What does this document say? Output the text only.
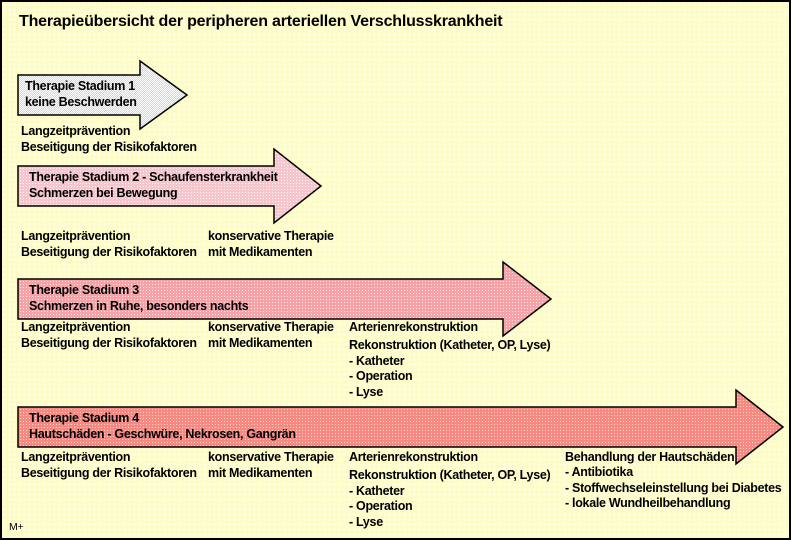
Therapieübersicht der peripheren arteriellen Verschlusskrankheit
Therapie Stadium 1
keine Beschwerden
Langzeitprävention
Beseitigung der Risikofaktoren
Therapie Stadium 2 - Schaufensterkrankheit
Schmerzen bei Bewegung
Langzeitprävention
Beseitigung der Risikofaktoren
konservative Therapie
mit Medikamenten
Therapie Stadium 3
Schmerzen in Ruhe, besonders nachts
Langzeitprävention
Beseitigung der Risikofaktoren
konservative Therapie
mit Medikamenten
Arterienrekonstruktion
Rekonstruktion (Katheter, OP, Lyse)
- Katheter
- Operation
- Lyse
Therapie Stadium 4
Hautschäden - Geschwüre, Nekrosen, Gangrän
Langzeitprävention
Beseitigung der Risikofaktoren
konservative Therapie
mit Medikamenten
Arterienrekonstruktion
Rekonstruktion (Katheter, OP, Lyse)
- Katheter
- Operation
- Lyse
Behandlung der Hautschäden
- Antibiotika
- Stoffwechseleinstellung bei Diabetes
- lokale Wundheilbehandlung
M+
